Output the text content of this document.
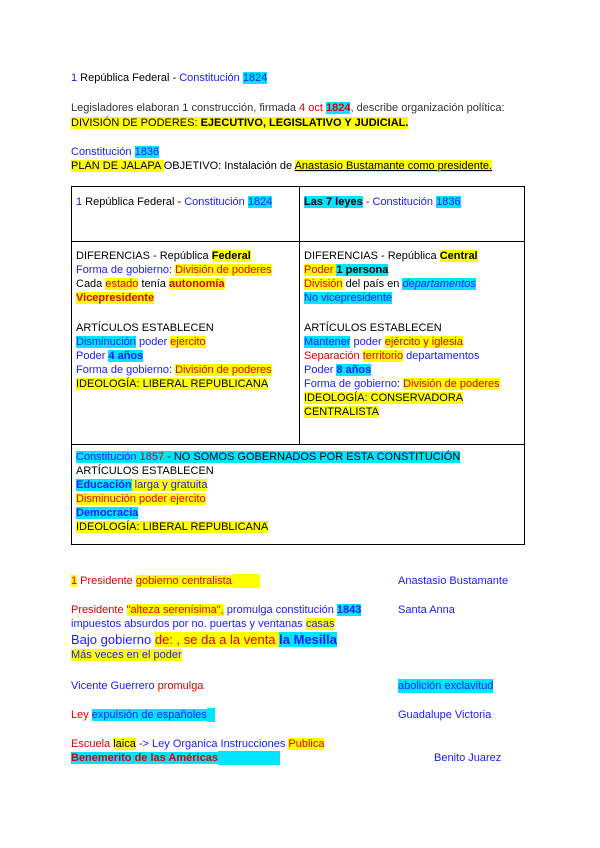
1 República Federal - Constitución 1824
Legisladores elaboran 1 construcción, firmada 4 oct 1824, describe organización política:
DIVISIÓN DE PODERES: EJECUTIVO, LEGISLATIVO Y JUDICIAL.
Constitución 1836
PLAN DE JALAPA OBJETIVO: Instalación de Anastasio Bustamante como presidente.
1 República Federal - Constitución 1824	Las 7 leyes - Constitución 1836
DIFERENCIAS - República Federal
Forma de gobierno: División de poderes
Cada estado tenía autonomía
Vicepresidente
ARTÍCULOS ESTABLECEN
Disminución poder ejercito
Poder 4 años
Forma de gobierno: División de poderes
IDEOLOGÍA: LIBERAL REPUBLICANA
DIFERENCIAS - República Central
Poder 1 persona
División del país en departamentos
No vicepresidente
ARTÍCULOS ESTABLECEN
Mantener poder ejército y iglesia
Separación territorio departamentos
Poder 8 años
Forma de gobierno: División de poderes
IDEOLOGÍA: CONSERVADORA
CENTRALISTA
Constitución 1857 - NO SOMOS GOBERNADOS POR ESTA CONSTITUCIÓN
ARTÍCULOS ESTABLECEN
Educación larga y gratuita
Disminución poder ejercito
Democracia
IDEOLOGÍA: LIBERAL REPUBLICANA
1 Presidente gobierno centralista	Anastasio Bustamante
Presidente "alteza serenísima", promulga constitución 1843	Santa Anna
impuestos absurdos por no. puertas y ventanas casas
Bajo gobierno de: , se da a la venta la Mesilla
Más veces en el poder
Vicente Guerrero promulga	abolición exclavitud
Ley expulsión de españoles	Guadalupe Victoria
Escuela laica -> Ley Organica Instrucciones Publica
Benemerito de las Américas	Benito Juarez
